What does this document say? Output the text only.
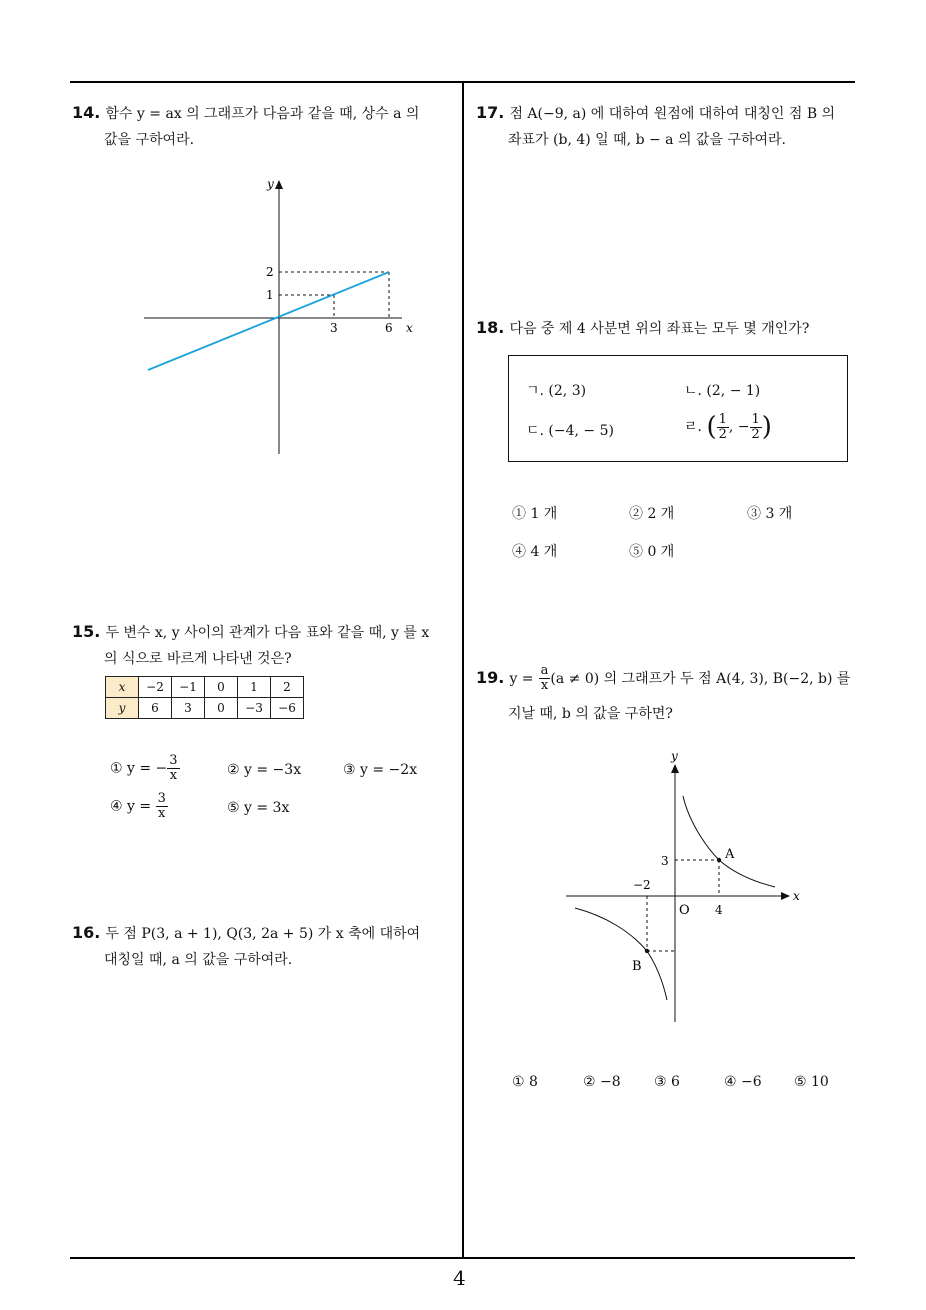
4
14. 함수 y = ax 의 그래프가 다음과 같을 때, 상수 a 의
값을 구하여라.
y
x
2
1
3	6
15. 두 변수 x, y 사이의 관계가 다음 표와 같을 때, y 를 x
의 식으로 바르게 나타낸 것은?
x	−2	−1	0	1	2
y	6	3	0	−3	−6
① y = − $\frac{3}{x}$	② y = −3x	③ y = −2x
④ $y = \frac{3}{x}$	⑤ y = 3x
16. 두 점 P(3, a + 1), Q(3, 2a + 5) 가 x 축에 대하여
대칭일 때, a 의 값을 구하여라.
17. 점 A(−9, a) 에 대하여 원점에 대하여 대칭인 점 B 의
좌표가 (b, 4) 일 때, b − a 의 값을 구하여라.
18. 다음 중 제 4 사분면 위의 좌표는 모두 몇 개인가?
ㄱ. (2, 3)	ㄴ. (2, − 1)
ㄷ. (−4, − 5)	ㄹ. ( $\frac{1}{2}$ , − $\frac{1}{2}$ )
① 1 개	② 2 개	③ 3 개
④ 4 개	⑤ 0 개
19. $y = \frac{a}{x} (a \ne 0)$ 의 그래프가 두 점 A(4, 3), B(−2, b) 를
지날 때, b 의 값을 구하면?
y
x
O
3
−2
4
A
B
① 8	② −8 ③ 6	④ −6 ⑤ 10
